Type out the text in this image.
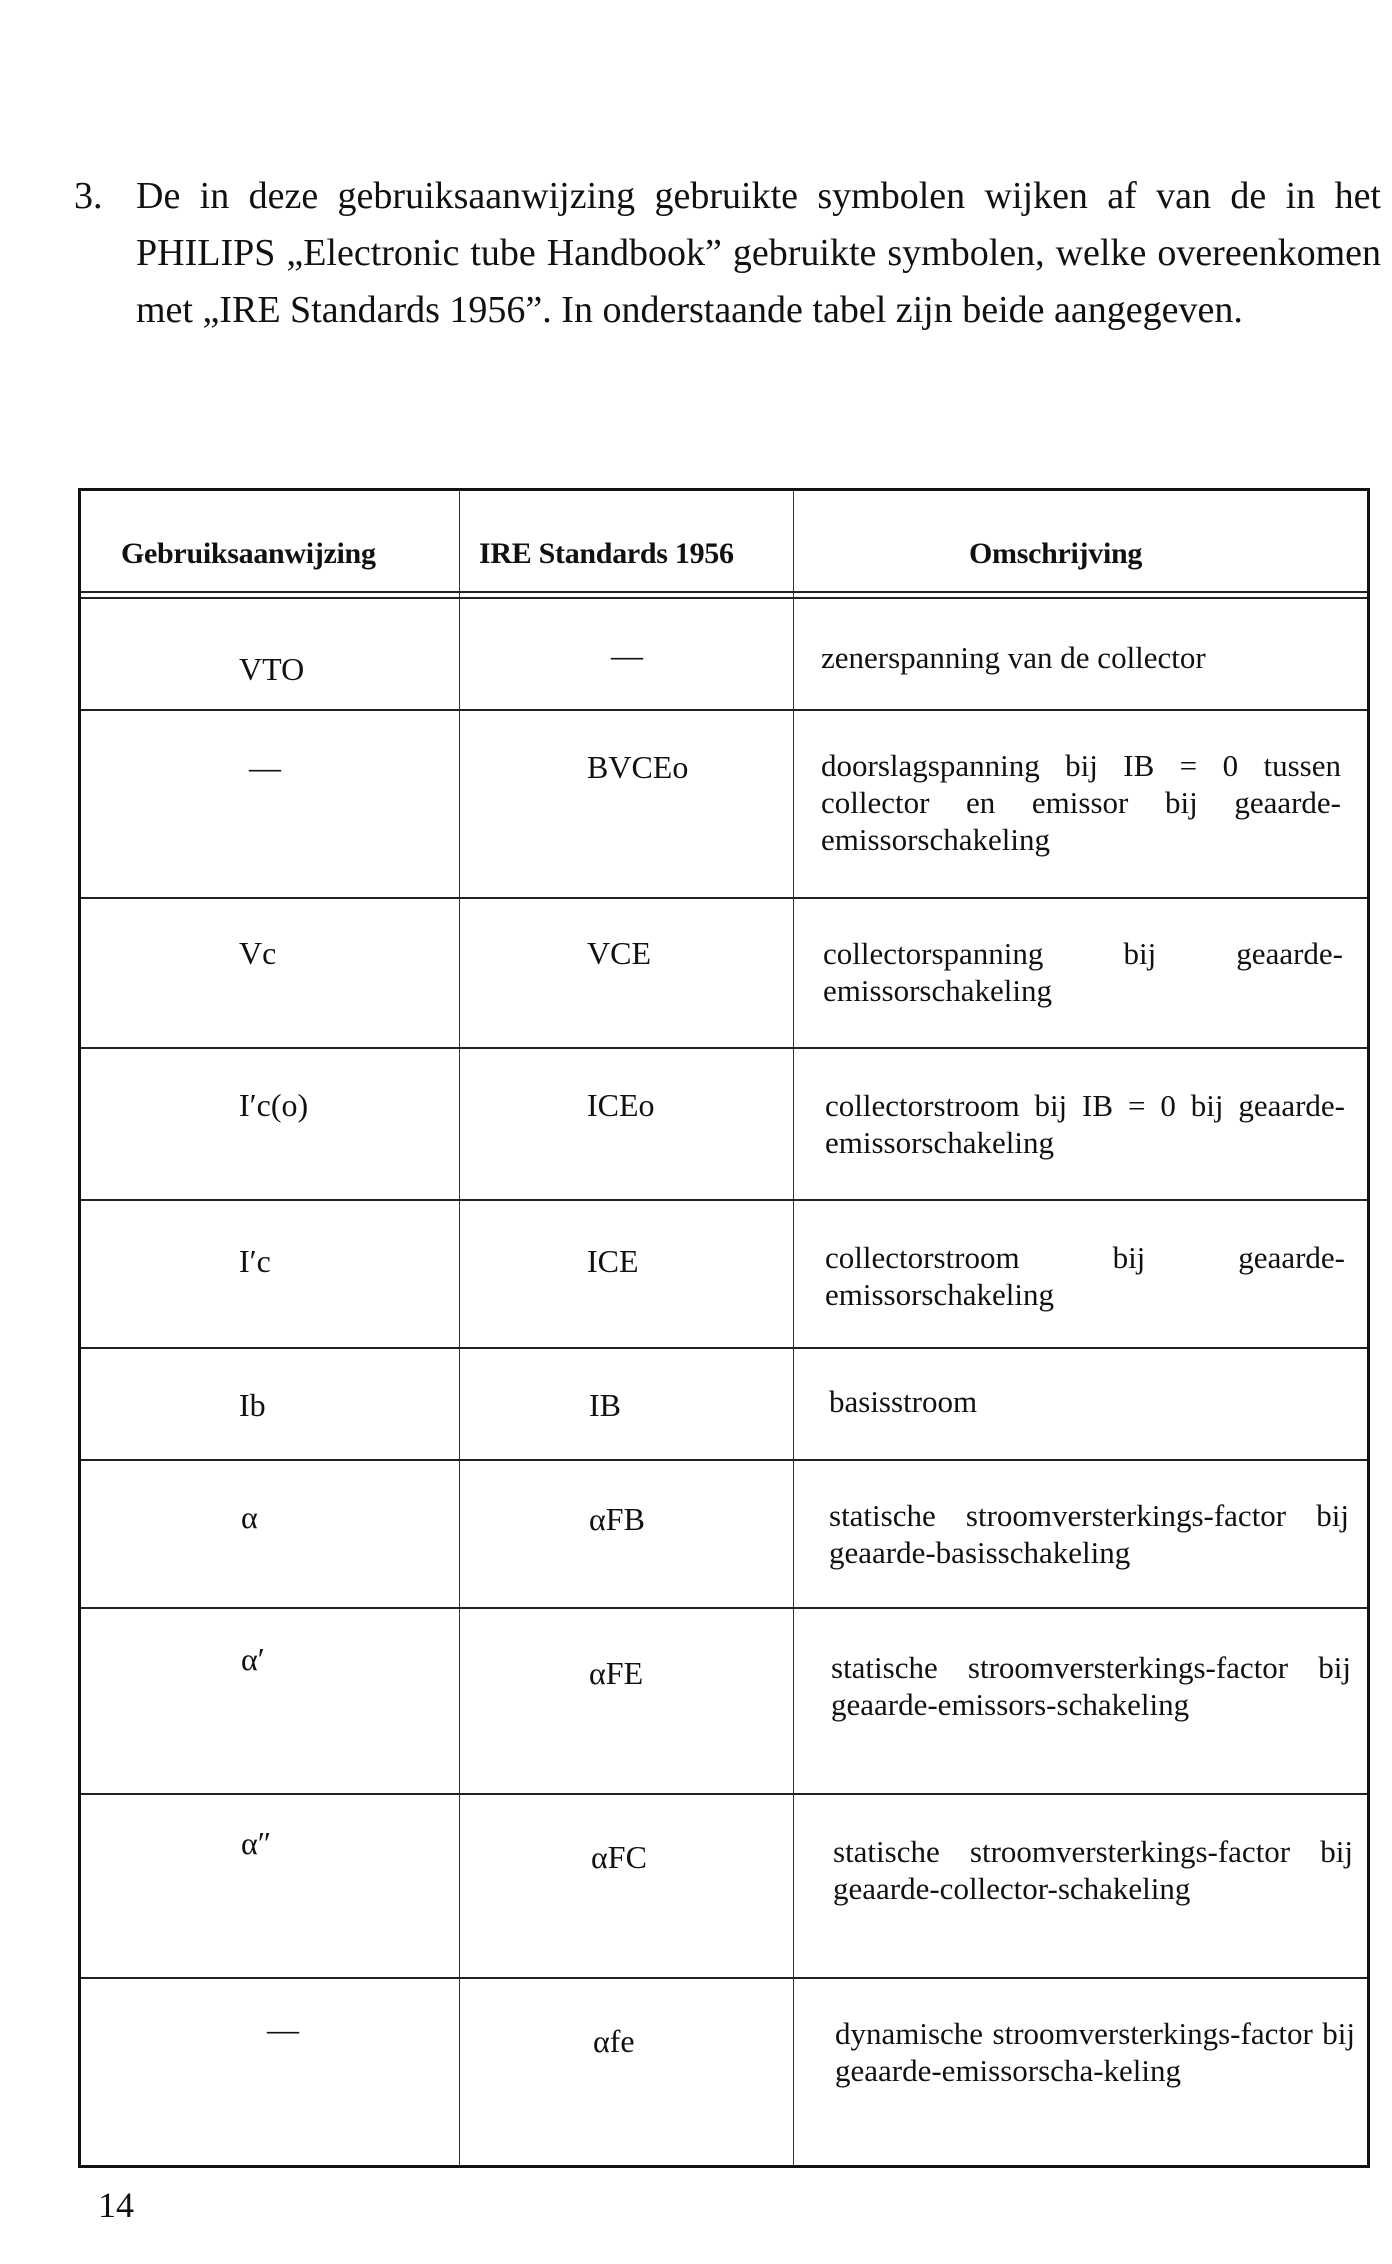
3. De in deze gebruiksaanwijzing gebruikte symbolen wijken af van de in het PHILIPS „Electronic tube Handbook” gebruikte symbolen, welke overeenkomen met „IRE Standards 1956”. In onderstaande tabel zijn beide aangegeven.
Gebruiksaanwijzing	IRE Standards 1956	Omschrijving
VTO	—	zenerspanning van de collector
—	BVCEo	doorslagspanning bij IB = 0 tussen collector en emissor bij geaarde-emissorschakeling
Vc	VCE	collectorspanning bij geaarde-emissorschakeling
I′c(o)	ICEo	collectorstroom bij IB = 0 bij geaarde-emissorschakeling
I′c	ICE	collectorstroom bij geaarde-emissorschakeling
Ib	IB	basisstroom
α	αFB	statische stroomversterkings-factor bij geaarde-basisschakeling
α′	αFE	statische stroomversterkings-factor bij geaarde-emissors-schakeling
α″	αFC	statische stroomversterkings-factor bij geaarde-collector-schakeling
—	αfe	dynamische stroomversterkings-factor bij geaarde-emissorscha-keling
14
